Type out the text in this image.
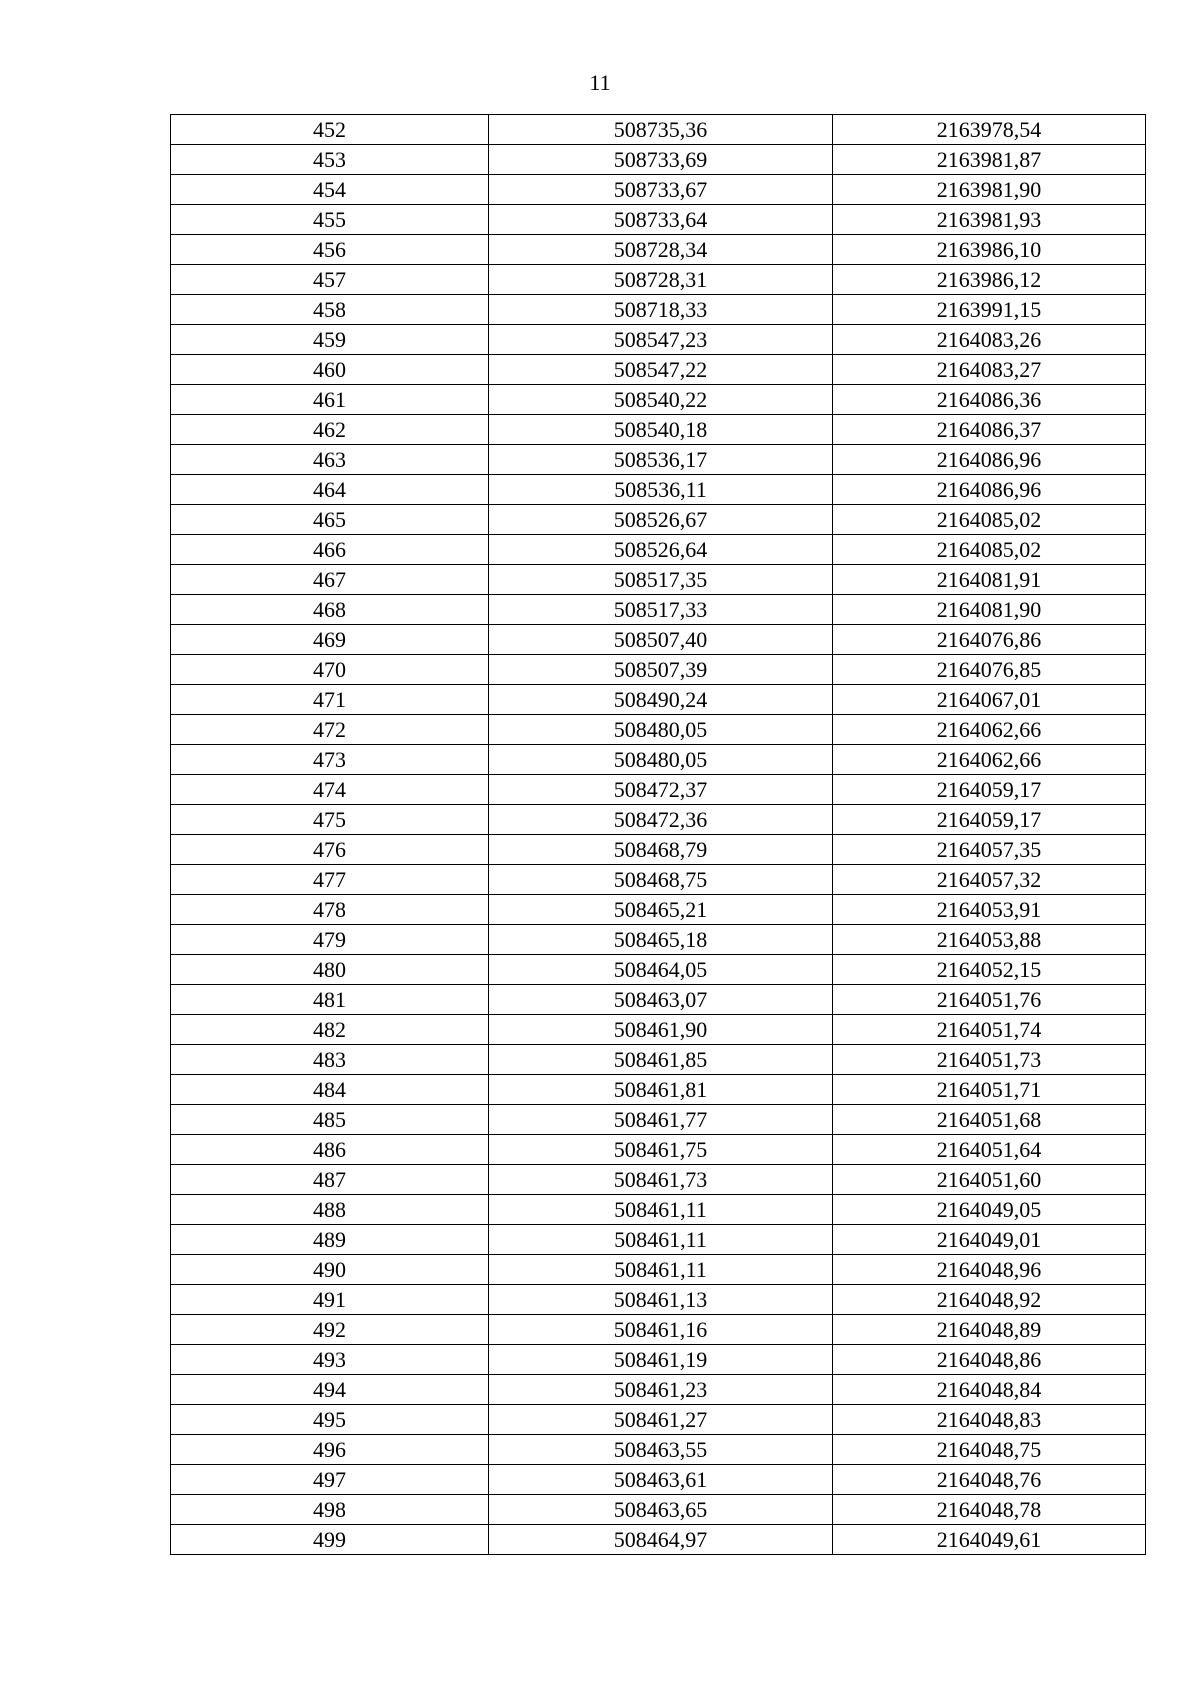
11
452	508735,36	2163978,54
453	508733,69	2163981,87
454	508733,67	2163981,90
455	508733,64	2163981,93
456	508728,34	2163986,10
457	508728,31	2163986,12
458	508718,33	2163991,15
459	508547,23	2164083,26
460	508547,22	2164083,27
461	508540,22	2164086,36
462	508540,18	2164086,37
463	508536,17	2164086,96
464	508536,11	2164086,96
465	508526,67	2164085,02
466	508526,64	2164085,02
467	508517,35	2164081,91
468	508517,33	2164081,90
469	508507,40	2164076,86
470	508507,39	2164076,85
471	508490,24	2164067,01
472	508480,05	2164062,66
473	508480,05	2164062,66
474	508472,37	2164059,17
475	508472,36	2164059,17
476	508468,79	2164057,35
477	508468,75	2164057,32
478	508465,21	2164053,91
479	508465,18	2164053,88
480	508464,05	2164052,15
481	508463,07	2164051,76
482	508461,90	2164051,74
483	508461,85	2164051,73
484	508461,81	2164051,71
485	508461,77	2164051,68
486	508461,75	2164051,64
487	508461,73	2164051,60
488	508461,11	2164049,05
489	508461,11	2164049,01
490	508461,11	2164048,96
491	508461,13	2164048,92
492	508461,16	2164048,89
493	508461,19	2164048,86
494	508461,23	2164048,84
495	508461,27	2164048,83
496	508463,55	2164048,75
497	508463,61	2164048,76
498	508463,65	2164048,78
499	508464,97	2164049,61
